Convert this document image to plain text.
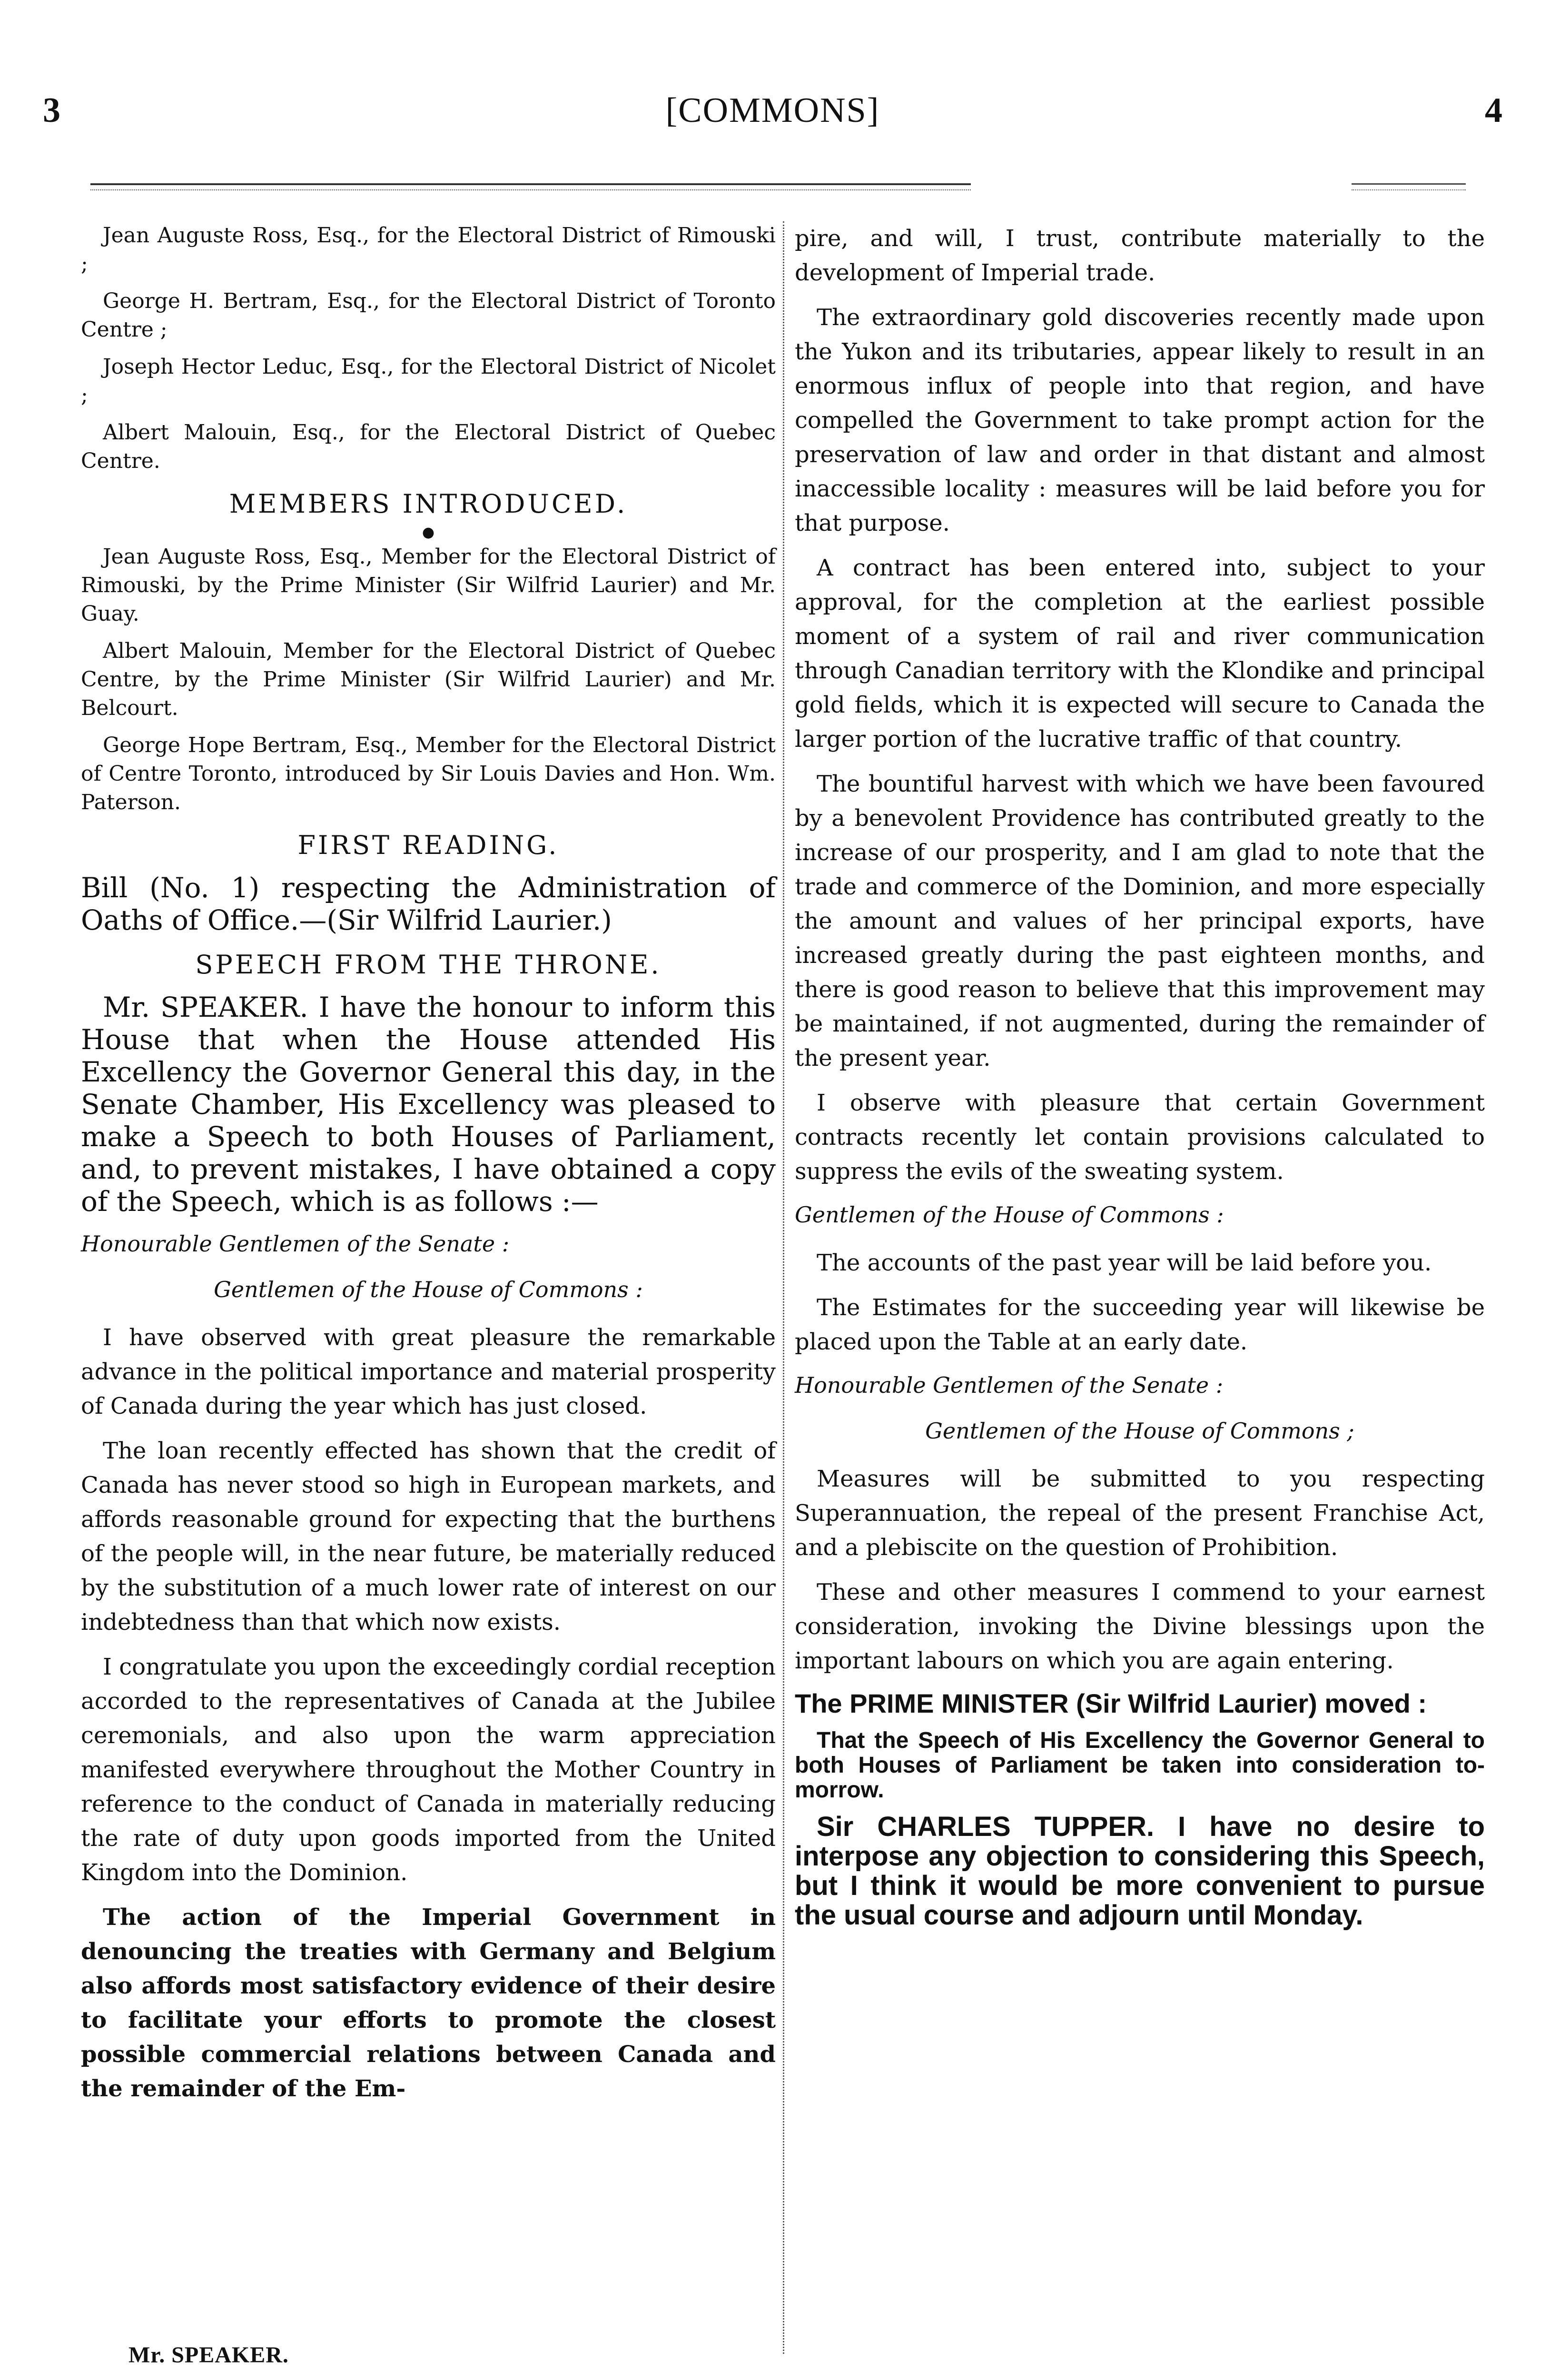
3	[COMMONS]	4

Jean Auguste Ross, Esq., for the Electoral District of Rimouski ;

George H. Bertram, Esq., for the Electoral District of Toronto Centre ;

Joseph Hector Leduc, Esq., for the Electoral District of Nicolet ;

Albert Malouin, Esq., for the Electoral District of Quebec Centre.

MEMBERS INTRODUCED.
●

Jean Auguste Ross, Esq., Member for the Electoral District of Rimouski, by the Prime Minister (Sir Wilfrid Laurier) and Mr. Guay.

Albert Malouin, Member for the Electoral District of Quebec Centre, by the Prime Minister (Sir Wilfrid Laurier) and Mr. Belcourt.

George Hope Bertram, Esq., Member for the Electoral District of Centre Toronto, introduced by Sir Louis Davies and Hon. Wm. Paterson.

FIRST READING.

Bill (No. 1) respecting the Administration of Oaths of Office.—(Sir Wilfrid Laurier.)

SPEECH FROM THE THRONE.

Mr. SPEAKER. I have the honour to inform this House that when the House attended His Excellency the Governor General this day, in the Senate Chamber, His Excellency was pleased to make a Speech to both Houses of Parliament, and, to prevent mistakes, I have obtained a copy of the Speech, which is as follows :—

Honourable Gentlemen of the Senate :
Gentlemen of the House of Commons :

I have observed with great pleasure the remarkable advance in the political importance and material prosperity of Canada during the year which has just closed.

The loan recently effected has shown that the credit of Canada has never stood so high in European markets, and affords reasonable ground for expecting that the burthens of the people will, in the near future, be materially reduced by the substitution of a much lower rate of interest on our indebtedness than that which now exists.

I congratulate you upon the exceedingly cordial reception accorded to the representatives of Canada at the Jubilee ceremonials, and also upon the warm appreciation manifested everywhere throughout the Mother Country in reference to the conduct of Canada in materially reducing the rate of duty upon goods imported from the United Kingdom into the Dominion.

The action of the Imperial Government in denouncing the treaties with Germany and Belgium also affords most satisfactory evidence of their desire to facilitate your efforts to promote the closest possible commercial relations between Canada and the remainder of the Em-

pire, and will, I trust, contribute materially to the development of Imperial trade.

The extraordinary gold discoveries recently made upon the Yukon and its tributaries, appear likely to result in an enormous influx of people into that region, and have compelled the Government to take prompt action for the preservation of law and order in that distant and almost inaccessible locality : measures will be laid before you for that purpose.

A contract has been entered into, subject to your approval, for the completion at the earliest possible moment of a system of rail and river communication through Canadian territory with the Klondike and principal gold fields, which it is expected will secure to Canada the larger portion of the lucrative traffic of that country.

The bountiful harvest with which we have been favoured by a benevolent Providence has contributed greatly to the increase of our prosperity, and I am glad to note that the trade and commerce of the Dominion, and more especially the amount and values of her principal exports, have increased greatly during the past eighteen months, and there is good reason to believe that this improvement may be maintained, if not augmented, during the remainder of the present year.

I observe with pleasure that certain Government contracts recently let contain provisions calculated to suppress the evils of the sweating system.

Gentlemen of the House of Commons :

The accounts of the past year will be laid before you.

The Estimates for the succeeding year will likewise be placed upon the Table at an early date.

Honourable Gentlemen of the Senate :
Gentlemen of the House of Commons ;

Measures will be submitted to you respecting Superannuation, the repeal of the present Franchise Act, and a plebiscite on the question of Prohibition.

These and other measures I commend to your earnest consideration, invoking the Divine blessings upon the important labours on which you are again entering.

The PRIME MINISTER (Sir Wilfrid Laurier) moved :

That the Speech of His Excellency the Governor General to both Houses of Parliament be taken into consideration to-morrow.

Sir CHARLES TUPPER. I have no desire to interpose any objection to considering this Speech, but I think it would be more convenient to pursue the usual course and adjourn until Monday.

Mr. SPEAKER.
